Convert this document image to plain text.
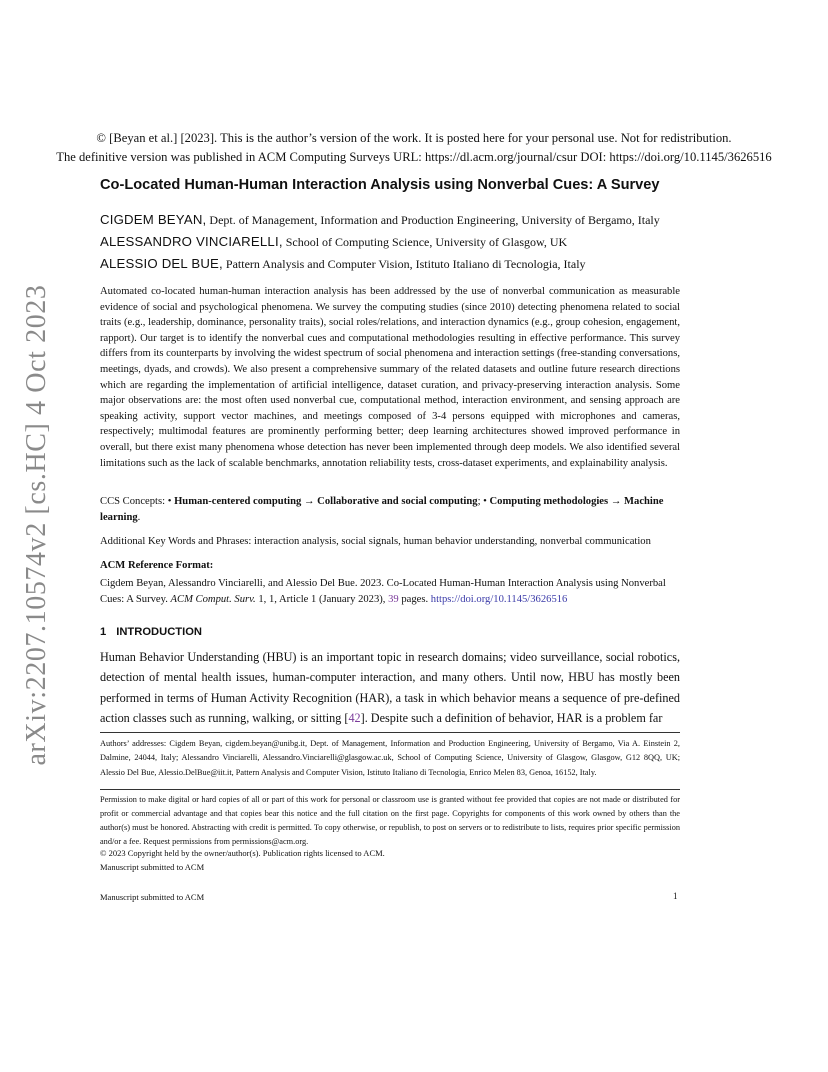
arXiv:2207.10574v2 [cs.HC] 4 Oct 2023
© [Beyan et al.] [2023]. This is the author’s version of the work. It is posted here for your personal use. Not for redistribution.
The definitive version was published in ACM Computing Surveys URL: https://dl.acm.org/journal/csur DOI: https://doi.org/10.1145/3626516
Co-Located Human-Human Interaction Analysis using Nonverbal Cues: A Survey
CIGDEM BEYAN, Dept. of Management, Information and Production Engineering, University of Bergamo, Italy
ALESSANDRO VINCIARELLI, School of Computing Science, University of Glasgow, UK
ALESSIO DEL BUE, Pattern Analysis and Computer Vision, Istituto Italiano di Tecnologia, Italy

Automated co-located human-human interaction analysis has been addressed by the use of nonverbal communication as measurable evidence of social and psychological phenomena. We survey the computing studies (since 2010) detecting phenomena related to social traits (e.g., leadership, dominance, personality traits), social roles/relations, and interaction dynamics (e.g., group cohesion, engagement, rapport). Our target is to identify the nonverbal cues and computational methodologies resulting in effective performance. This survey differs from its counterparts by involving the widest spectrum of social phenomena and interaction settings (free-standing conversations, meetings, dyads, and crowds). We also present a comprehensive summary of the related datasets and outline future research directions which are regarding the implementation of artificial intelligence, dataset curation, and privacy-preserving interaction analysis. Some major observations are: the most often used nonverbal cue, computational method, interaction environment, and sensing approach are speaking activity, support vector machines, and meetings composed of 3-4 persons equipped with microphones and cameras, respectively; multimodal features are prominently performing better; deep learning architectures showed improved performance in overall, but there exist many phenomena whose detection has never been implemented through deep models. We also identified several limitations such as the lack of scalable benchmarks, annotation reliability tests, cross-dataset experiments, and explainability analysis.

CCS Concepts: • Human-centered computing → Collaborative and social computing; • Computing methodologies → Machine learning.

Additional Key Words and Phrases: interaction analysis, social signals, human behavior understanding, nonverbal communication
ACM Reference Format:

Cigdem Beyan, Alessandro Vinciarelli, and Alessio Del Bue. 2023. Co-Located Human-Human Interaction Analysis using Nonverbal Cues: A Survey. ACM Comput. Surv. 1, 1, Article 1 (January 2023), 39 pages. https://doi.org/10.1145/3626516

1 INTRODUCTION

Human Behavior Understanding (HBU) is an important topic in research domains; video surveillance, social robotics, detection of mental health issues, human-computer interaction, and many others. Until now, HBU has mostly been performed in terms of Human Activity Recognition (HAR), a task in which behavior means a sequence of pre-defined action classes such as running, walking, or sitting [42]. Despite such a definition of behavior, HAR is a problem far

Authors’ addresses: Cigdem Beyan, cigdem.beyan@unibg.it, Dept. of Management, Information and Production Engineering, University of Bergamo, Via A. Einstein 2, Dalmine, 24044, Italy; Alessandro Vinciarelli, Alessandro.Vinciarelli@glasgow.ac.uk, School of Computing Science, University of Glasgow, Glasgow, G12 8QQ, UK; Alessio Del Bue, Alessio.DelBue@iit.it, Pattern Analysis and Computer Vision, Istituto Italiano di Tecnologia, Enrico Melen 83, Genoa, 16152, Italy.

Permission to make digital or hard copies of all or part of this work for personal or classroom use is granted without fee provided that copies are not made or distributed for profit or commercial advantage and that copies bear this notice and the full citation on the first page. Copyrights for components of this work owned by others than the author(s) must be honored. Abstracting with credit is permitted. To copy otherwise, or republish, to post on servers or to redistribute to lists, requires prior specific permission and/or a fee. Request permissions from permissions@acm.org.

© 2023 Copyright held by the owner/author(s). Publication rights licensed to ACM.
Manuscript submitted to ACM
Manuscript submitted to ACM	1
